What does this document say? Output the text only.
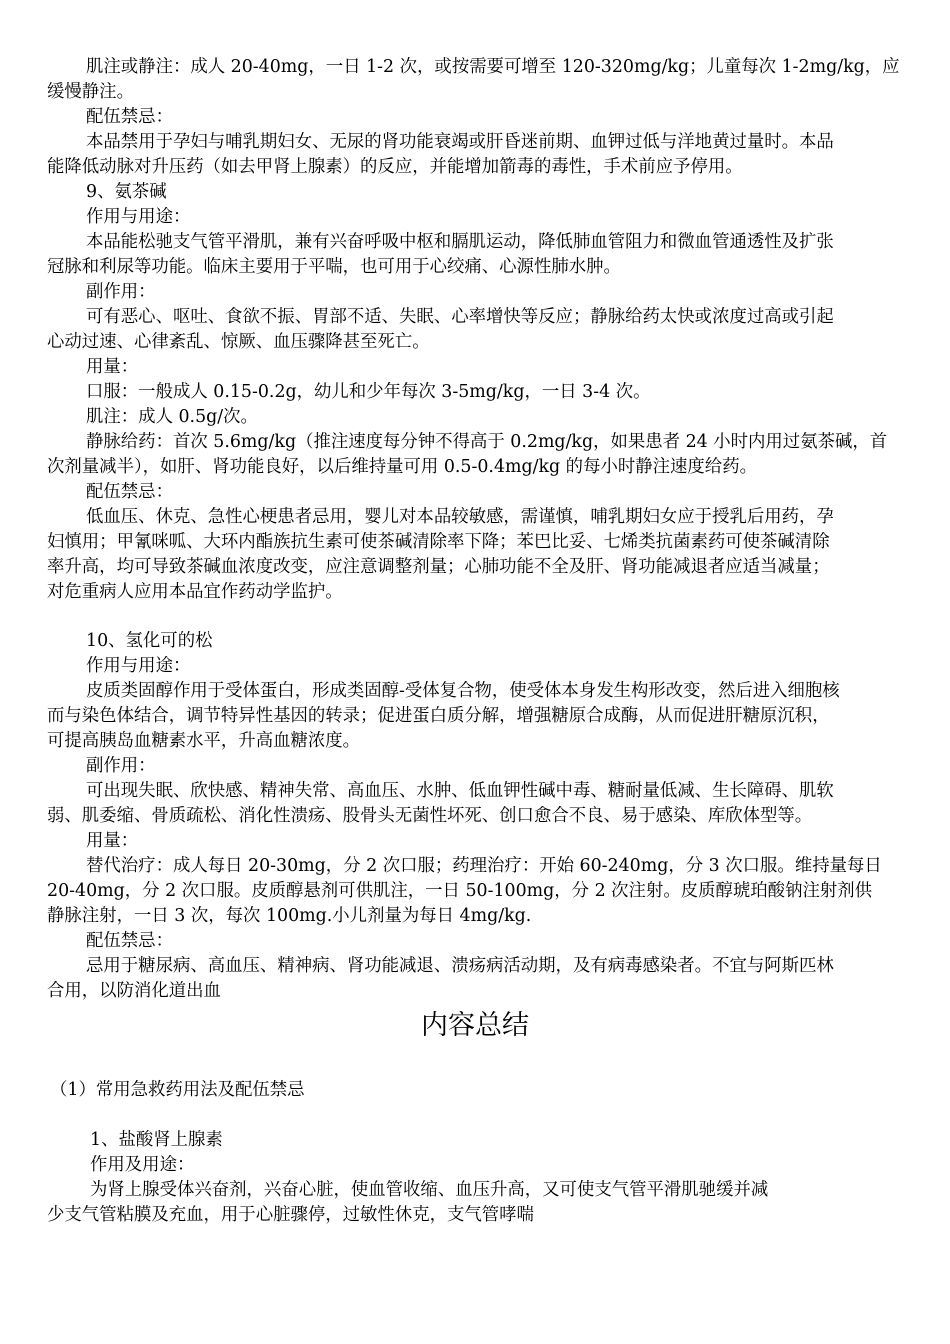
肌注或静注：成人 20-40mg，一日 1-2 次，或按需要可增至 120-320mg/kg；儿童每次 1-2mg/kg，应
缓慢静注。
配伍禁忌：
本品禁用于孕妇与哺乳期妇女、无尿的肾功能衰竭或肝昏迷前期、血钾过低与洋地黄过量时。本品
能降低动脉对升压药（如去甲肾上腺素）的反应，并能增加箭毒的毒性，手术前应予停用。
9、氨茶碱
作用与用途：
本品能松驰支气管平滑肌，兼有兴奋呼吸中枢和膈肌运动，降低肺血管阻力和微血管通透性及扩张
冠脉和利尿等功能。临床主要用于平喘，也可用于心绞痛、心源性肺水肿。
副作用：
可有恶心、呕吐、食欲不振、胃部不适、失眠、心率增快等反应；静脉给药太快或浓度过高或引起
心动过速、心律紊乱、惊厥、血压骤降甚至死亡。
用量：
口服：一般成人 0.15-0.2g，幼儿和少年每次 3-5mg/kg，一日 3-4 次。
肌注：成人 0.5g/次。
静脉给药：首次 5.6mg/kg（推注速度每分钟不得高于 0.2mg/kg，如果患者 24 小时内用过氨茶碱，首
次剂量减半），如肝、肾功能良好，以后维持量可用 0.5-0.4mg/kg 的每小时静注速度给药。
配伍禁忌：
低血压、休克、急性心梗患者忌用，婴儿对本品较敏感，需谨慎，哺乳期妇女应于授乳后用药，孕
妇慎用；甲氰咪呱、大环内酯族抗生素可使茶碱清除率下降；苯巴比妥、七烯类抗菌素药可使茶碱清除
率升高，均可导致茶碱血浓度改变，应注意调整剂量；心肺功能不全及肝、肾功能减退者应适当减量；
对危重病人应用本品宜作药动学监护。
10、氢化可的松
作用与用途：
皮质类固醇作用于受体蛋白，形成类固醇-受体复合物，使受体本身发生构形改变，然后进入细胞核
而与染色体结合，调节特异性基因的转录；促进蛋白质分解，增强糖原合成酶，从而促进肝糖原沉积，
可提高胰岛血糖素水平，升高血糖浓度。
副作用：
可出现失眠、欣快感、精神失常、高血压、水肿、低血钾性碱中毒、糖耐量低减、生长障碍、肌软
弱、肌委缩、骨质疏松、消化性溃疡、股骨头无菌性坏死、创口愈合不良、易于感染、库欣体型等。
用量：
替代治疗：成人每日 20-30mg，分 2 次口服；药理治疗：开始 60-240mg，分 3 次口服。维持量每日
20-40mg，分 2 次口服。皮质醇悬剂可供肌注，一日 50-100mg，分 2 次注射。皮质醇琥珀酸钠注射剂供
静脉注射，一日 3 次，每次 100mg.小儿剂量为每日 4mg/kg.
配伍禁忌：
忌用于糖尿病、高血压、精神病、肾功能减退、溃疡病活动期，及有病毒感染者。不宜与阿斯匹林
合用，以防消化道出血
内容总结
（1）常用急救药用法及配伍禁忌
1、盐酸肾上腺素
作用及用途：
为肾上腺受体兴奋剂，兴奋心脏，使血管收缩、血压升高，又可使支气管平滑肌驰缓并减
少支气管粘膜及充血，用于心脏骤停，过敏性休克，支气管哮喘
